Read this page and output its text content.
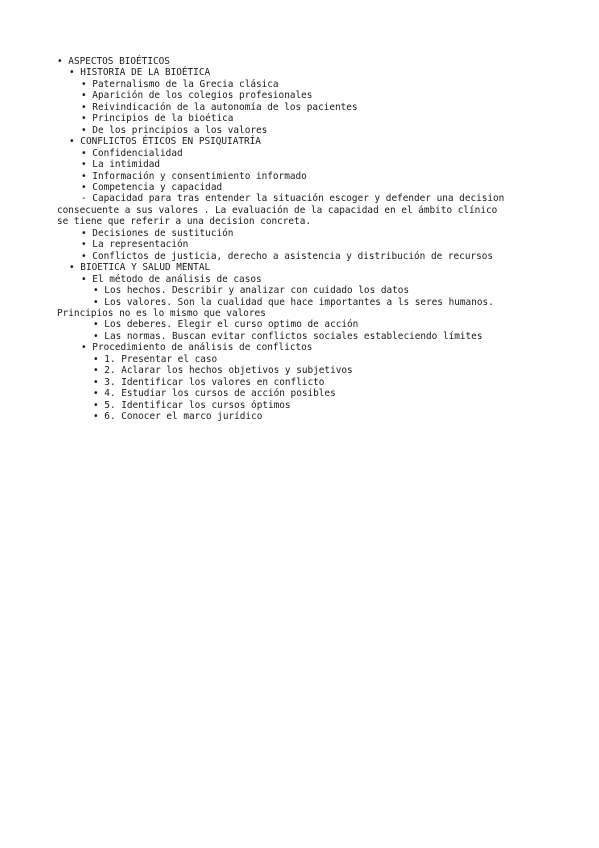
• ASPECTOS BIOÉTICOS
• HISTORIA DE LA BIOÉTICA
• Paternalismo de la Grecia clásica
• Aparición de los colegios profesionales
• Reivindicación de la autonomía de los pacientes
• Principios de la bioética
• De los principios a los valores
• CONFLICTOS ÉTICOS EN PSIQUIATRÍA
• Confidencialidad
• La intimidad
• Información y consentimiento informado
• Competencia y capacidad
- Capacidad para tras entender la situación escoger y defender una decision
consecuente a sus valores . La evaluación de la capacidad en el ámbito clínico
se tiene que referir a una decision concreta.
• Decisiones de sustitución
• La representación
• Conflictos de justicia, derecho a asistencia y distribución de recursos
• BIOETICA Y SALUD MENTAL
• El método de análisis de casos
• Los hechos. Describir y analizar con cuidado los datos
• Los valores. Son la cualidad que hace importantes a ls seres humanos.
Principios no es lo mismo que valores
• Los deberes. Elegir el curso optimo de acción
• Las normas. Buscan evitar conflictos sociales estableciendo límites
• Procedimiento de análisis de conflictos
• 1. Presentar el caso
• 2. Aclarar los hechos objetivos y subjetivos
• 3. Identificar los valores en conflicto
• 4. Estudiar los cursos de acción posibles
• 5. Identificar los cursos óptimos
• 6. Conocer el marco jurídico
